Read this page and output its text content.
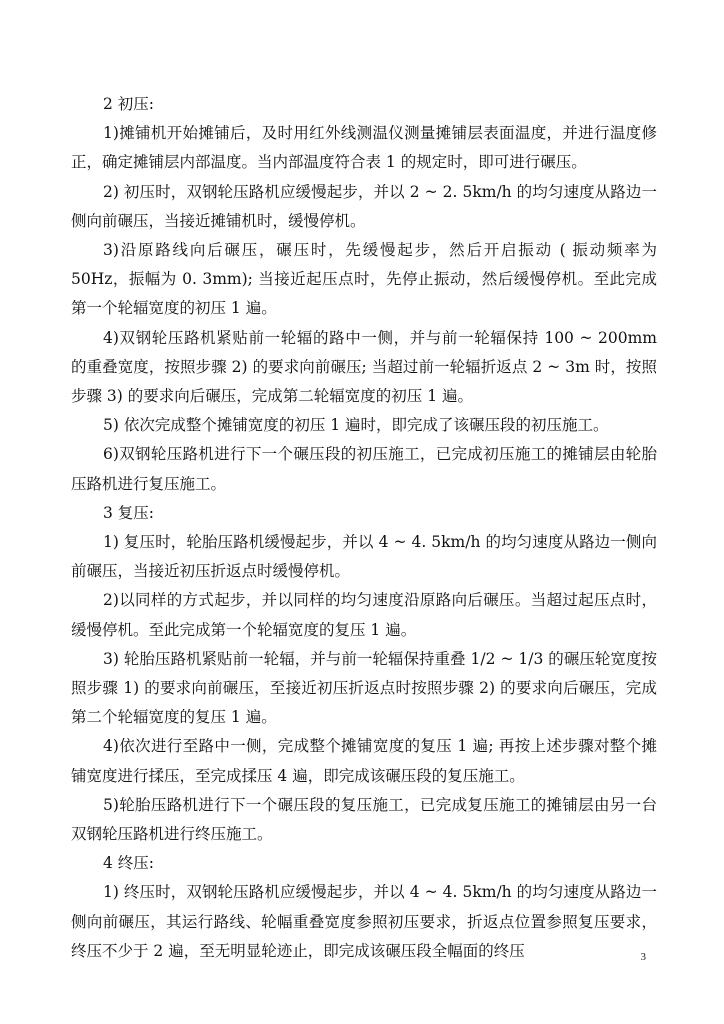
2 初压:

1)摊铺机开始摊铺后，及时用红外线测温仪测量摊铺层表面温度，并进行温度修正，确定摊铺层内部温度。当内部温度符合表 1 的规定时，即可进行碾压。

2) 初压时，双钢轮压路机应缓慢起步，并以 2 ~ 2. 5km/h 的均匀速度从路边一侧向前碾压，当接近摊铺机时，缓慢停机。

3)沿原路线向后碾压，碾压时，先缓慢起步，然后开启振动 ( 振动频率为 50Hz，振幅为 0. 3mm); 当接近起压点时，先停止振动，然后缓慢停机。至此完成第一个轮辐宽度的初压 1 遍。

4)双钢轮压路机紧贴前一轮辐的路中一侧，并与前一轮辐保持 100 ~ 200mm 的重叠宽度，按照步骤 2) 的要求向前碾压; 当超过前一轮辐折返点 2 ~ 3m 时，按照步骤 3) 的要求向后碾压，完成第二轮辐宽度的初压 1 遍。

5) 依次完成整个摊铺宽度的初压 1 遍时，即完成了该碾压段的初压施工。

6)双钢轮压路机进行下一个碾压段的初压施工，已完成初压施工的摊铺层由轮胎压路机进行复压施工。

3 复压:

1) 复压时，轮胎压路机缓慢起步，并以 4 ~ 4. 5km/h 的均匀速度从路边一侧向前碾压，当接近初压折返点时缓慢停机。

2)以同样的方式起步，并以同样的均匀速度沿原路向后碾压。当超过起压点时，缓慢停机。至此完成第一个轮辐宽度的复压 1 遍。

3) 轮胎压路机紧贴前一轮辐，并与前一轮辐保持重叠 1/2 ~ 1/3 的碾压轮宽度按照步骤 1) 的要求向前碾压，至接近初压折返点时按照步骤 2) 的要求向后碾压，完成第二个轮辐宽度的复压 1 遍。

4)依次进行至路中一侧，完成整个摊铺宽度的复压 1 遍; 再按上述步骤对整个摊铺宽度进行揉压，至完成揉压 4 遍，即完成该碾压段的复压施工。

5)轮胎压路机进行下一个碾压段的复压施工，已完成复压施工的摊铺层由另一台双钢轮压路机进行终压施工。

4 终压:

1) 终压时，双钢轮压路机应缓慢起步，并以 4 ~ 4. 5km/h 的均匀速度从路边一侧向前碾压，其运行路线、轮幅重叠宽度参照初压要求，折返点位置参照复压要求，终压不少于 2 遍，至无明显轮迹止，即完成该碾压段全幅面的终压	3
